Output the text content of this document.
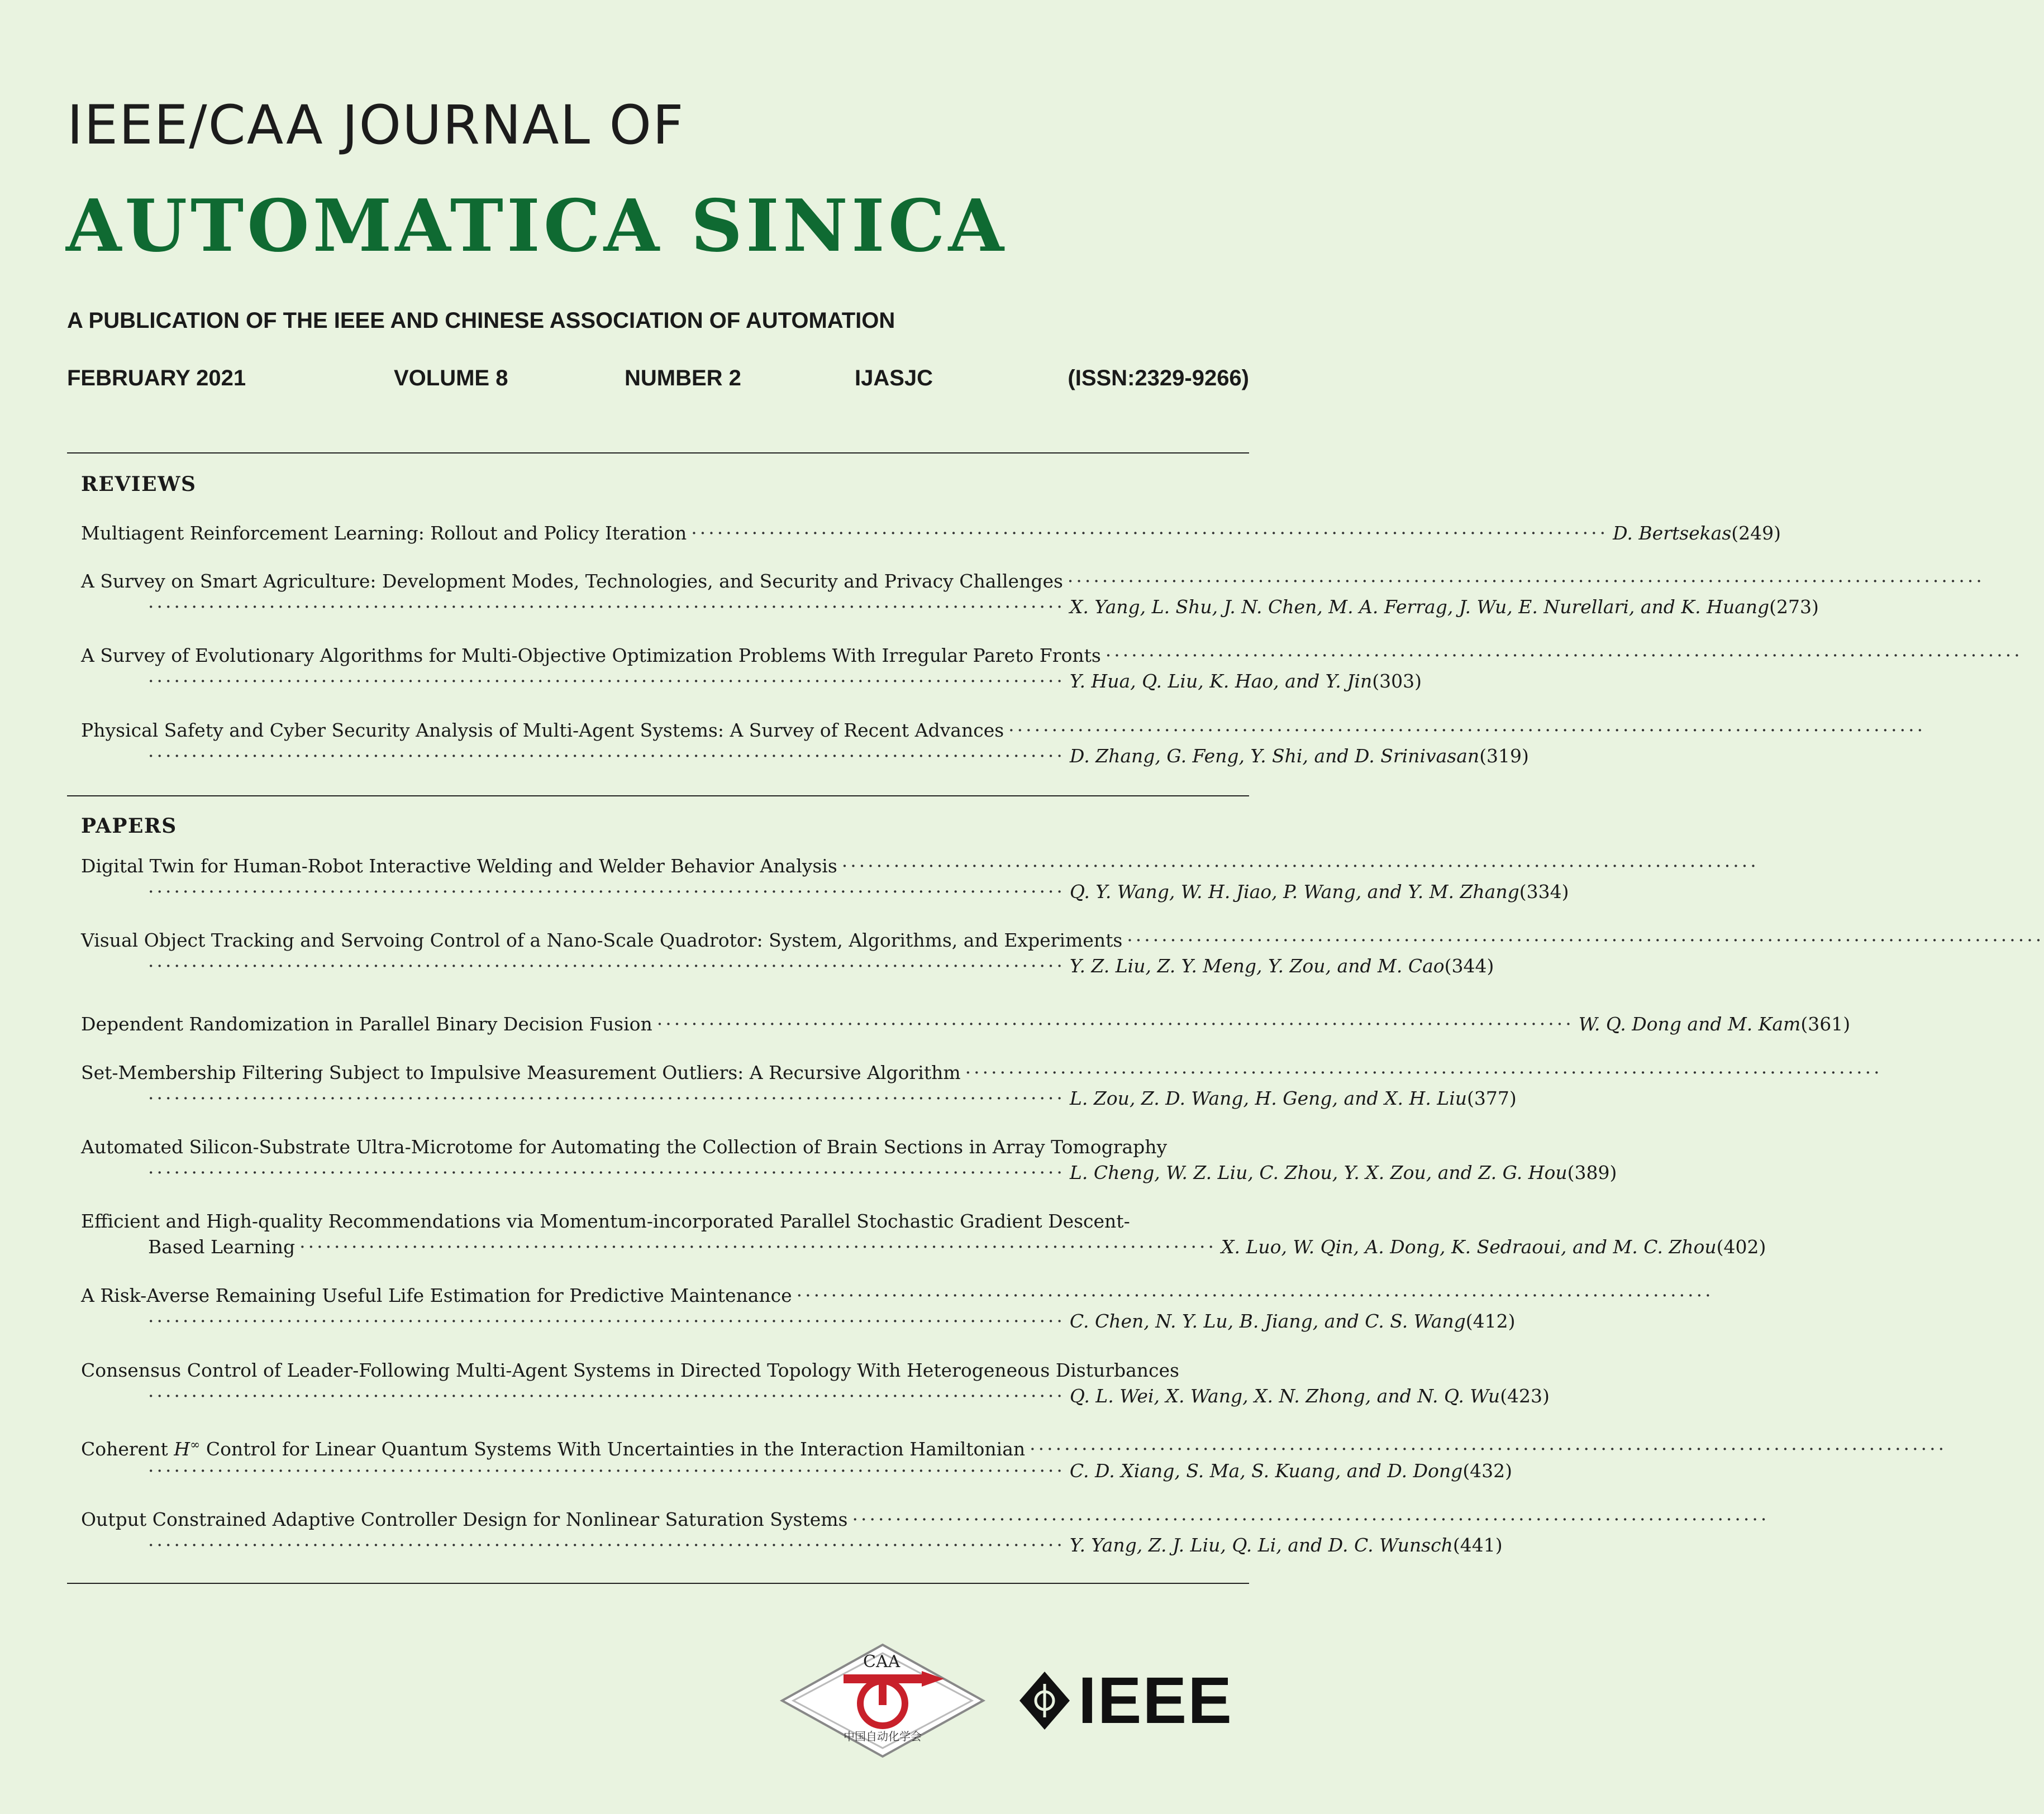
IEEE/CAA JOURNAL OF
AUTOMATICA SINICA
A PUBLICATION OF THE IEEE AND CHINESE ASSOCIATION OF AUTOMATION
FEBRUARY 2021	VOLUME 8	NUMBER 2	IJASJC	(ISSN:2329-9266)
REVIEWS
Multiagent Reinforcement Learning: Rollout and Policy Iteration ·········································································································· D. Bertsekas (249)
A Survey on Smart Agriculture: Development Modes, Technologies, and Security and Privacy Challenges ··········································································································
·········································································································· X. Yang, L. Shu, J. N. Chen, M. A. Ferrag, J. Wu, E. Nurellari, and K. Huang (273)
A Survey of Evolutionary Algorithms for Multi-Objective Optimization Problems With Irregular Pareto Fronts ··········································································································
·········································································································· Y. Hua, Q. Liu, K. Hao, and Y. Jin (303)
Physical Safety and Cyber Security Analysis of Multi-Agent Systems: A Survey of Recent Advances ··········································································································
·········································································································· D. Zhang, G. Feng, Y. Shi, and D. Srinivasan (319)
PAPERS
Digital Twin for Human-Robot Interactive Welding and Welder Behavior Analysis ··········································································································
·········································································································· Q. Y. Wang, W. H. Jiao, P. Wang, and Y. M. Zhang (334)
Visual Object Tracking and Servoing Control of a Nano-Scale Quadrotor: System, Algorithms, and Experiments ··········································································································
·········································································································· Y. Z. Liu, Z. Y. Meng, Y. Zou, and M. Cao (344)
Dependent Randomization in Parallel Binary Decision Fusion ·········································································································· W. Q. Dong and M. Kam (361)
Set-Membership Filtering Subject to Impulsive Measurement Outliers: A Recursive Algorithm ··········································································································
·········································································································· L. Zou, Z. D. Wang, H. Geng, and X. H. Liu (377)
Automated Silicon-Substrate Ultra-Microtome for Automating the Collection of Brain Sections in Array Tomography
·········································································································· L. Cheng, W. Z. Liu, C. Zhou, Y. X. Zou, and Z. G. Hou (389)
Efficient and High-quality Recommendations via Momentum-incorporated Parallel Stochastic Gradient Descent-
Based Learning ·········································································································· X. Luo, W. Qin, A. Dong, K. Sedraoui, and M. C. Zhou (402)
A Risk-Averse Remaining Useful Life Estimation for Predictive Maintenance ··········································································································
·········································································································· C. Chen, N. Y. Lu, B. Jiang, and C. S. Wang (412)
Consensus Control of Leader-Following Multi-Agent Systems in Directed Topology With Heterogeneous Disturbances
·········································································································· Q. L. Wei, X. Wang, X. N. Zhong, and N. Q. Wu (423)
Coherent H∞ Control for Linear Quantum Systems With Uncertainties in the Interaction Hamiltonian ··········································································································
·········································································································· C. D. Xiang, S. Ma, S. Kuang, and D. Dong (432)
Output Constrained Adaptive Controller Design for Nonlinear Saturation Systems ··········································································································
·········································································································· Y. Yang, Z. J. Liu, Q. Li, and D. C. Wunsch (441)
中国自动化学会
CAA
IEEE
